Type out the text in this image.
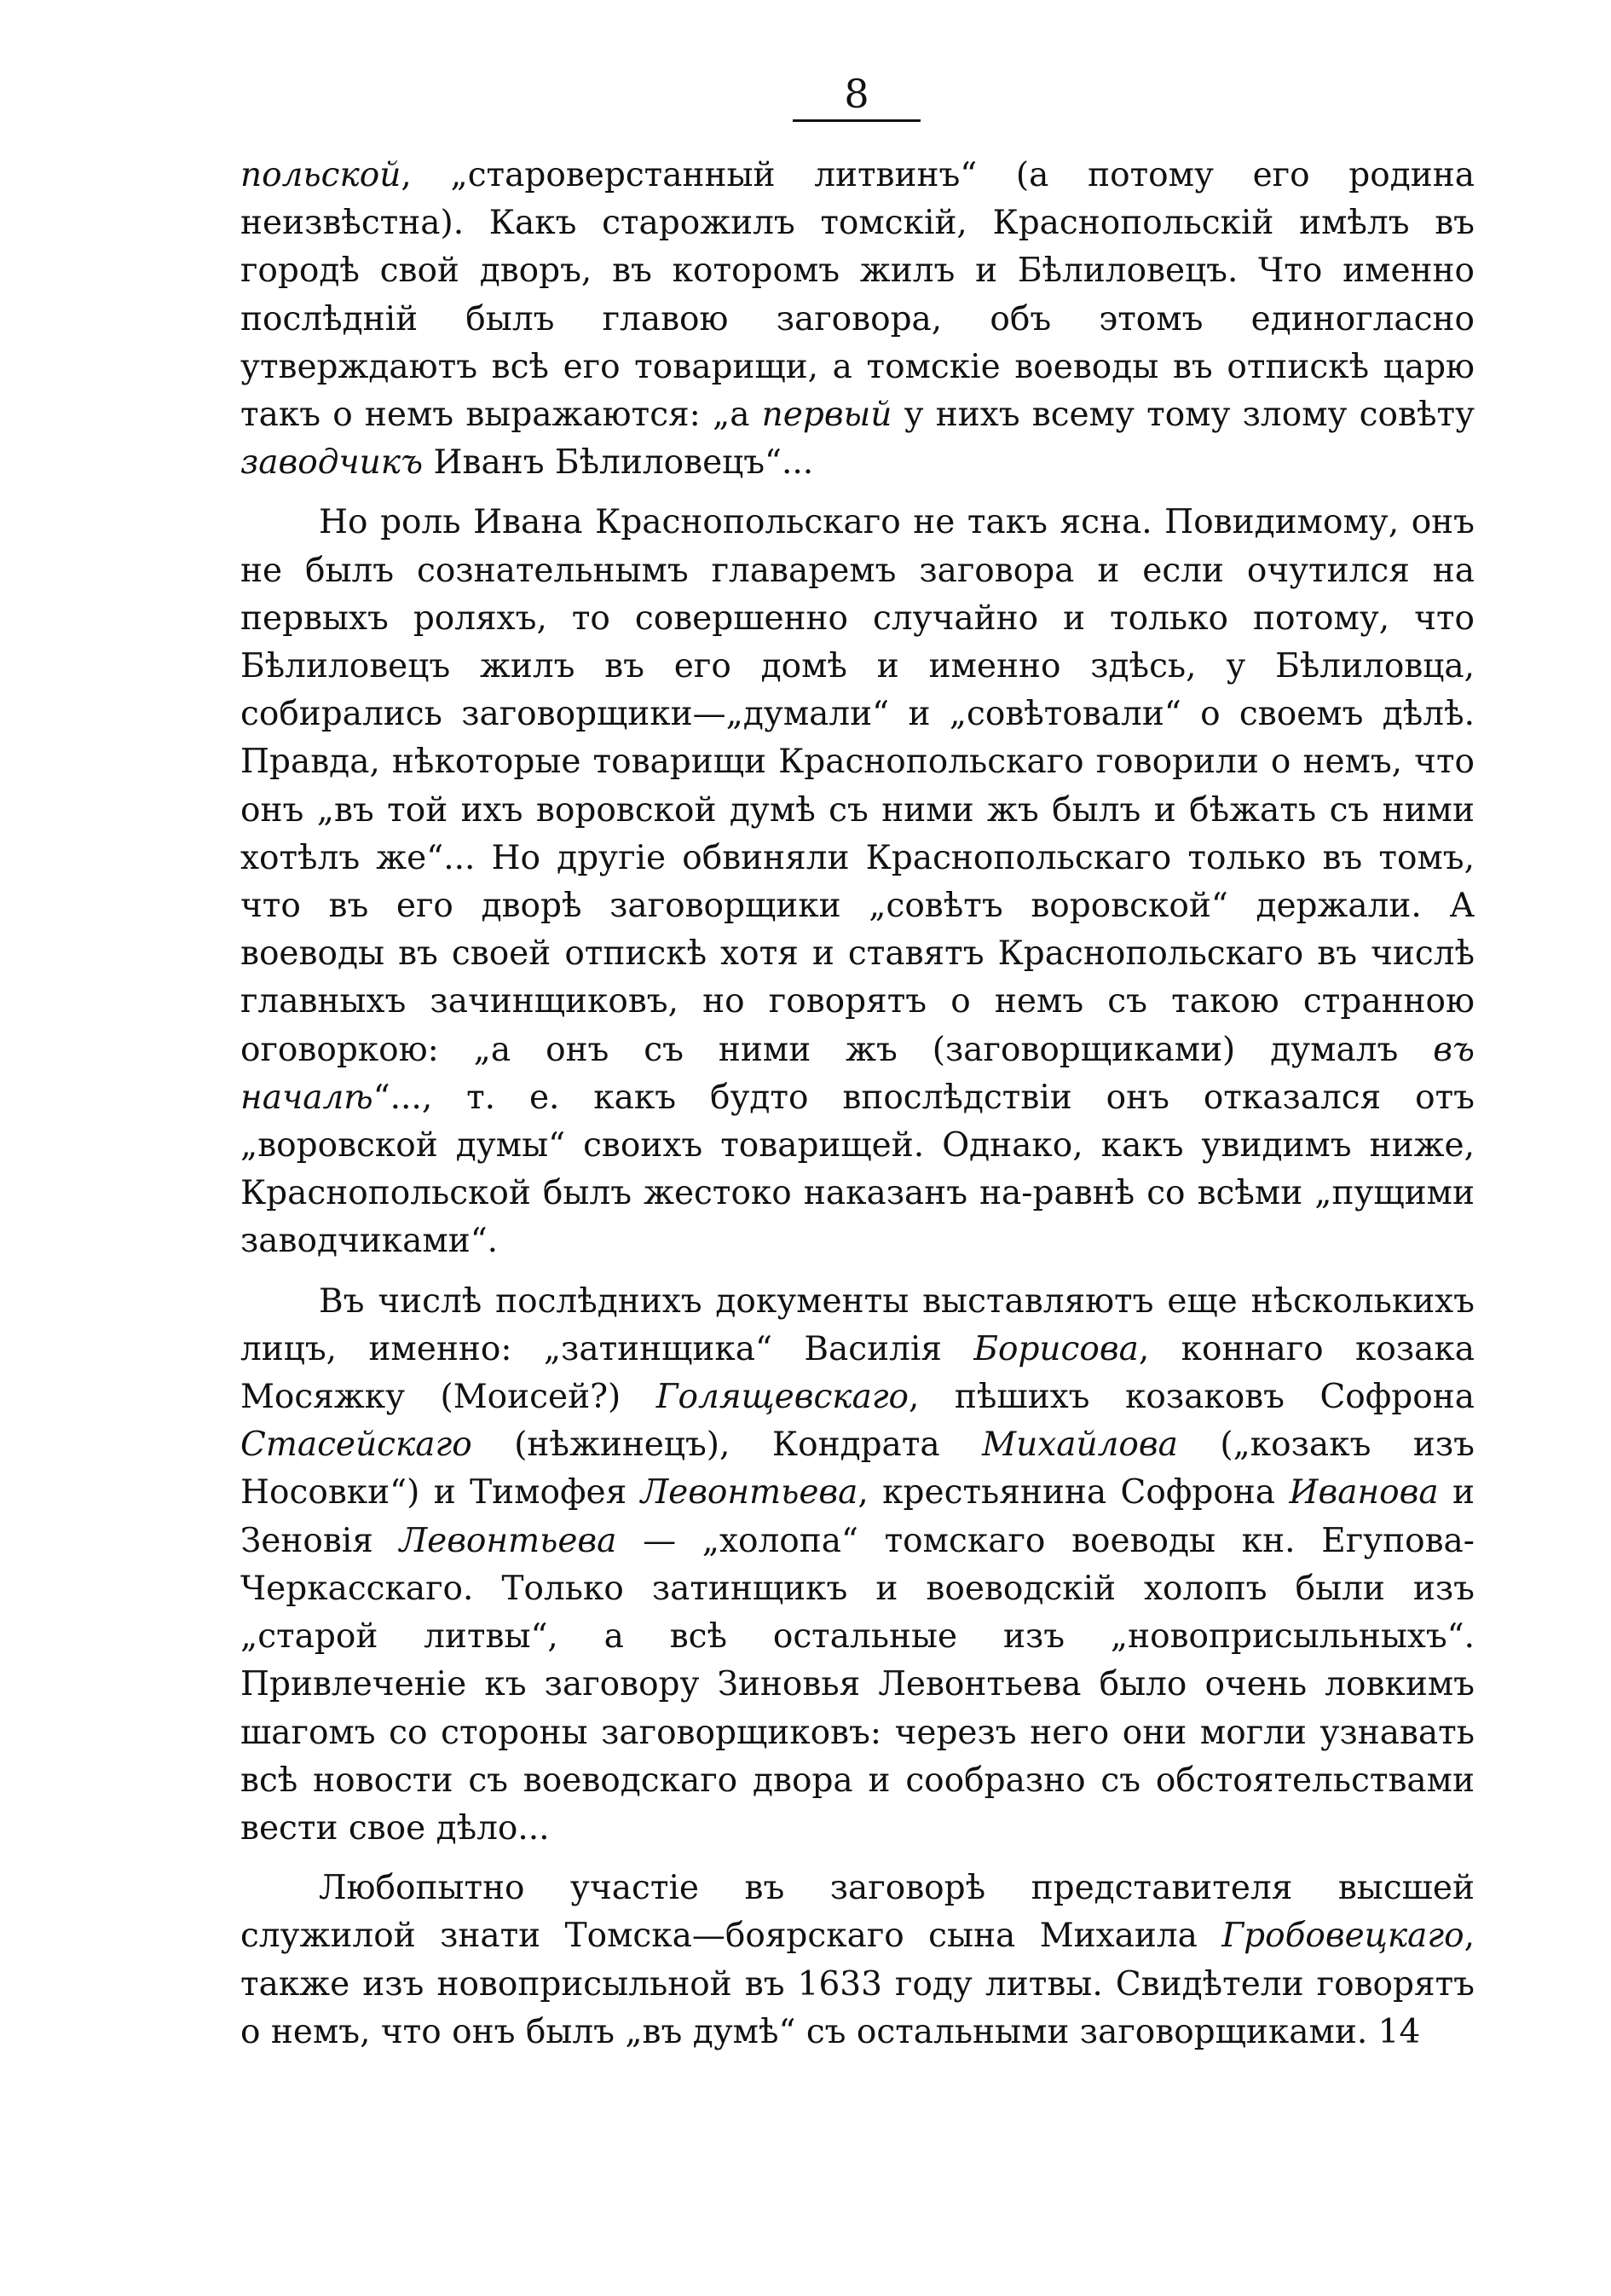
8

польской, „староверстанный литвинъ“ (а потому его родина неизвѣстна). Какъ старожилъ томскій, Краснопольскій имѣлъ въ городѣ свой дворъ, въ которомъ жилъ и Бѣлиловецъ. Что именно послѣдній былъ главою заговора, объ этомъ единогласно утверждаютъ всѣ его товарищи, а томскіе воеводы въ отпискѣ царю такъ о немъ выражаются: „а первый у нихъ всему тому злому совѣту заводчикъ Иванъ Бѣлиловецъ“...

Но роль Ивана Краснопольскаго не такъ ясна. Повидимому, онъ не былъ сознательнымъ главаремъ заговора и если очутился на первыхъ роляхъ, то совершенно случайно и только потому, что Бѣлиловецъ жилъ въ его домѣ и именно здѣсь, у Бѣлиловца, собирались заговорщики—„думали“ и „совѣтовали“ о своемъ дѣлѣ. Правда, нѣкоторые товарищи Краснопольскаго говорили о немъ, что онъ „въ той ихъ воровской думѣ съ ними жъ былъ и бѣжать съ ними хотѣлъ же“... Но другіе обвиняли Краснопольскаго только въ томъ, что въ его дворѣ заговорщики „совѣтъ воровской“ держали. А воеводы въ своей отпискѣ хотя и ставятъ Краснопольскаго въ числѣ главныхъ зачинщиковъ, но говорятъ о немъ съ такою странною оговоркою: „а онъ съ ними жъ (заговорщиками) думалъ въ началѣ“..., т. е. какъ будто впослѣдствіи онъ отказался отъ „воровской думы“ своихъ товарищей. Однако, какъ увидимъ ниже, Краснопольской былъ жестоко наказанъ на-равнѣ со всѣми „пущими заводчиками“.

Въ числѣ послѣднихъ документы выставляютъ еще нѣсколькихъ лицъ, именно: „затинщика“ Василія Борисова, коннаго козака Мосяжку (Моисей?) Голящевскаго, пѣшихъ козаковъ Софрона Стасейскаго (нѣжинецъ), Кондрата Михайлова („козакъ изъ Носовки“) и Тимофея Левонтьева, крестьянина Софрона Иванова и Зеновія Левонтьева — „холопа“ томскаго воеводы кн. Егупова-Черкасскаго. Только затинщикъ и воеводскій холопъ были изъ „старой литвы“, а всѣ остальные изъ „новоприсыльныхъ“. Привлеченіе къ заговору Зиновья Левонтьева было очень ловкимъ шагомъ со стороны заговорщиковъ: черезъ него они могли узнавать всѣ новости съ воеводскаго двора и сообразно съ обстоятельствами вести свое дѣло...

Любопытно участіе въ заговорѣ представителя высшей служилой знати Томска—боярскаго сына Михаила Гробовецкаго, также изъ новоприсыльной въ 1633 году литвы. Свидѣтели говорятъ о немъ, что онъ былъ „въ думѣ“ съ остальными заговорщиками. 14
